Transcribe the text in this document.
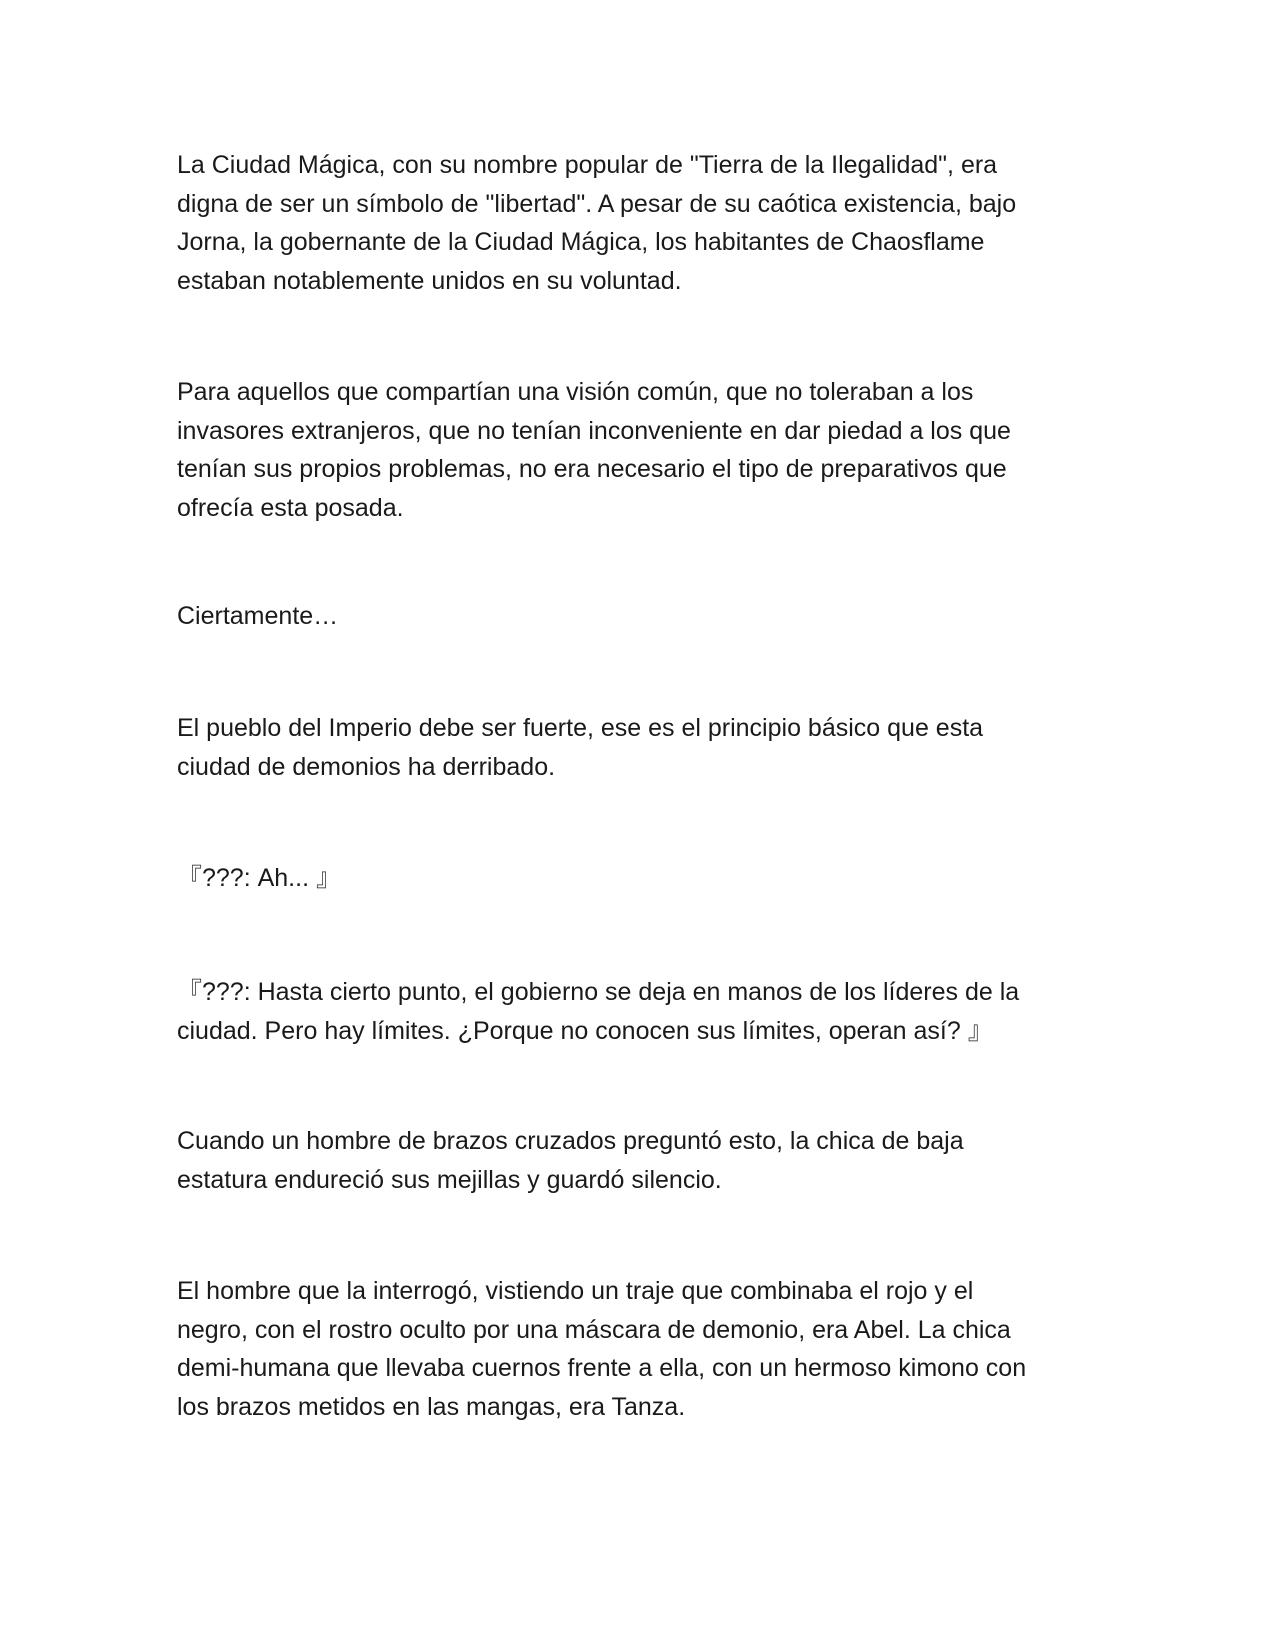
La Ciudad Mágica, con su nombre popular de "Tierra de la Ilegalidad", era
digna de ser un símbolo de "libertad". A pesar de su caótica existencia, bajo
Jorna, la gobernante de la Ciudad Mágica, los habitantes de Chaosflame
estaban notablemente unidos en su voluntad.

Para aquellos que compartían una visión común, que no toleraban a los
invasores extranjeros, que no tenían inconveniente en dar piedad a los que
tenían sus propios problemas, no era necesario el tipo de preparativos que
ofrecía esta posada.

Ciertamente…

El pueblo del Imperio debe ser fuerte, ese es el principio básico que esta
ciudad de demonios ha derribado.

『???: Ah... 』

『???: Hasta cierto punto, el gobierno se deja en manos de los líderes de la
ciudad. Pero hay límites. ¿Porque no conocen sus límites, operan así? 』

Cuando un hombre de brazos cruzados preguntó esto, la chica de baja
estatura endureció sus mejillas y guardó silencio.

El hombre que la interrogó, vistiendo un traje que combinaba el rojo y el
negro, con el rostro oculto por una máscara de demonio, era Abel. La chica
demi-humana que llevaba cuernos frente a ella, con un hermoso kimono con
los brazos metidos en las mangas, era Tanza.
